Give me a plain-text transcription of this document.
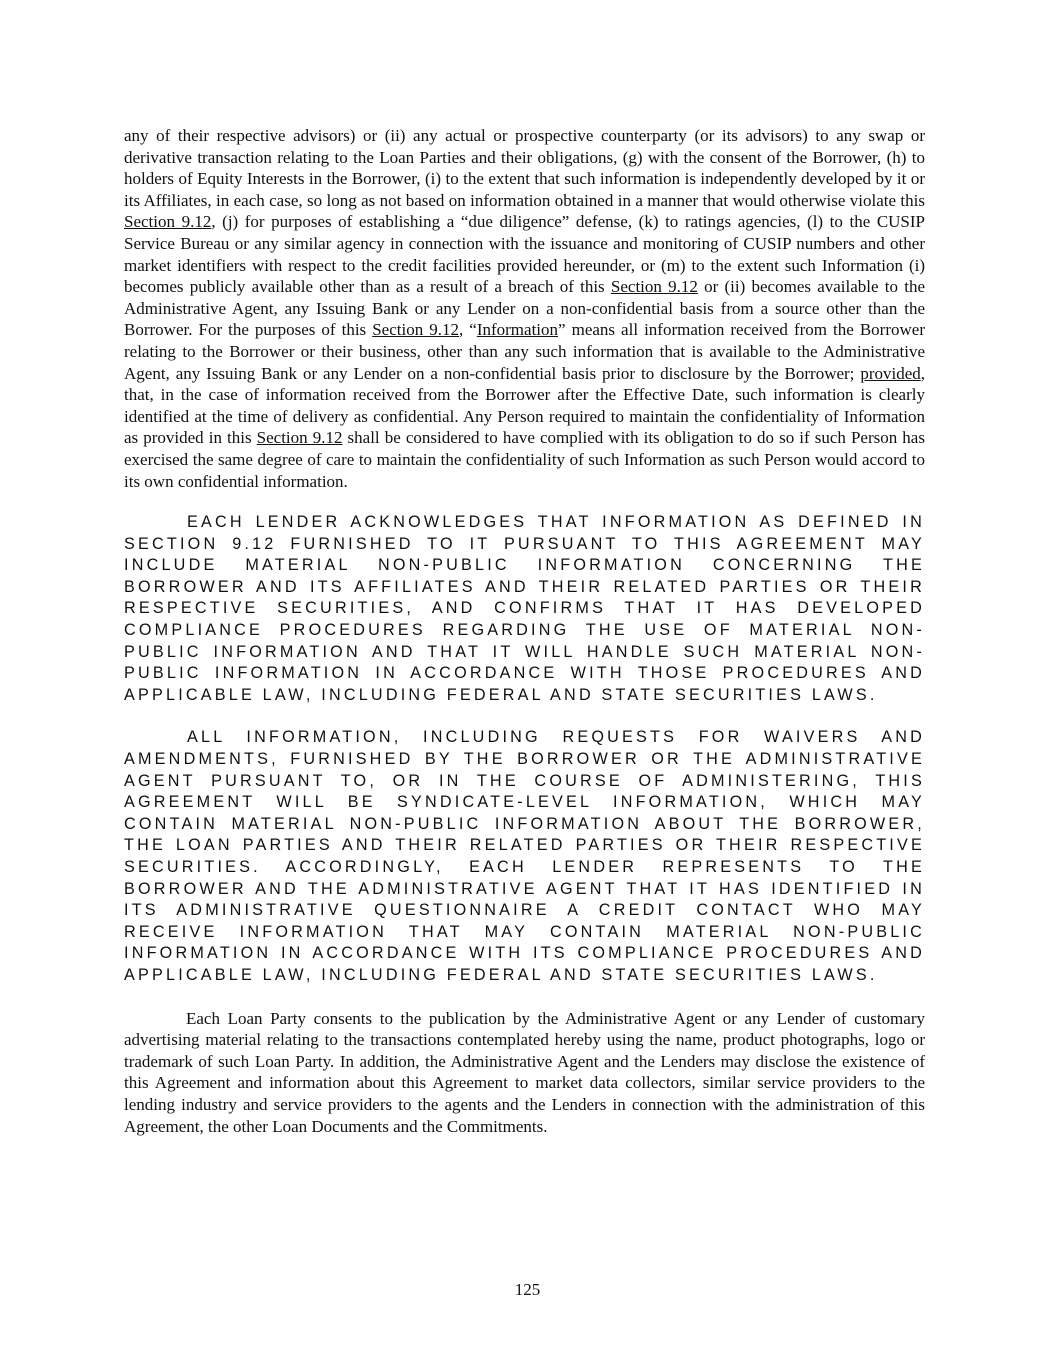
any of their respective advisors) or (ii) any actual or prospective counterparty (or its advisors) to any swap or derivative transaction relating to the Loan Parties and their obligations, (g) with the consent of the Borrower, (h) to holders of Equity Interests in the Borrower, (i) to the extent that such information is independently developed by it or its Affiliates, in each case, so long as not based on information obtained in a manner that would otherwise violate this Section 9.12, (j) for purposes of establishing a “due diligence” defense, (k) to ratings agencies, (l) to the CUSIP Service Bureau or any similar agency in connection with the issuance and monitoring of CUSIP numbers and other market identifiers with respect to the credit facilities provided hereunder, or (m) to the extent such Information (i) becomes publicly available other than as a result of a breach of this Section 9.12 or (ii) becomes available to the Administrative Agent, any Issuing Bank or any Lender on a non-confidential basis from a source other than the Borrower. For the purposes of this Section 9.12, “Information” means all information received from the Borrower relating to the Borrower or their business, other than any such information that is available to the Administrative Agent, any Issuing Bank or any Lender on a non-confidential basis prior to disclosure by the Borrower; provided, that, in the case of information received from the Borrower after the Effective Date, such information is clearly identified at the time of delivery as confidential. Any Person required to maintain the confidentiality of Information as provided in this Section 9.12 shall be considered to have complied with its obligation to do so if such Person has exercised the same degree of care to maintain the confidentiality of such Information as such Person would accord to its own confidential information.

EACH LENDER ACKNOWLEDGES THAT INFORMATION AS DEFINED IN SECTION 9.12 FURNISHED TO IT PURSUANT TO THIS AGREEMENT MAY INCLUDE MATERIAL NON-PUBLIC INFORMATION CONCERNING THE BORROWER AND ITS AFFILIATES AND THEIR RELATED PARTIES OR THEIR RESPECTIVE SECURITIES, AND CONFIRMS THAT IT HAS DEVELOPED COMPLIANCE PROCEDURES REGARDING THE USE OF MATERIAL NON-PUBLIC INFORMATION AND THAT IT WILL HANDLE SUCH MATERIAL NON-PUBLIC INFORMATION IN ACCORDANCE WITH THOSE PROCEDURES AND APPLICABLE LAW, INCLUDING FEDERAL AND STATE SECURITIES LAWS.

ALL INFORMATION, INCLUDING REQUESTS FOR WAIVERS AND AMENDMENTS, FURNISHED BY THE BORROWER OR THE ADMINISTRATIVE AGENT PURSUANT TO, OR IN THE COURSE OF ADMINISTERING, THIS AGREEMENT WILL BE SYNDICATE-LEVEL INFORMATION, WHICH MAY CONTAIN MATERIAL NON-PUBLIC INFORMATION ABOUT THE BORROWER, THE LOAN PARTIES AND THEIR RELATED PARTIES OR THEIR RESPECTIVE SECURITIES. ACCORDINGLY, EACH LENDER REPRESENTS TO THE BORROWER AND THE ADMINISTRATIVE AGENT THAT IT HAS IDENTIFIED IN ITS ADMINISTRATIVE QUESTIONNAIRE A CREDIT CONTACT WHO MAY RECEIVE INFORMATION THAT MAY CONTAIN MATERIAL NON-PUBLIC INFORMATION IN ACCORDANCE WITH ITS COMPLIANCE PROCEDURES AND APPLICABLE LAW, INCLUDING FEDERAL AND STATE SECURITIES LAWS.

Each Loan Party consents to the publication by the Administrative Agent or any Lender of customary advertising material relating to the transactions contemplated hereby using the name, product photographs, logo or trademark of such Loan Party. In addition, the Administrative Agent and the Lenders may disclose the existence of this Agreement and information about this Agreement to market data collectors, similar service providers to the lending industry and service providers to the agents and the Lenders in connection with the administration of this Agreement, the other Loan Documents and the Commitments.

125
